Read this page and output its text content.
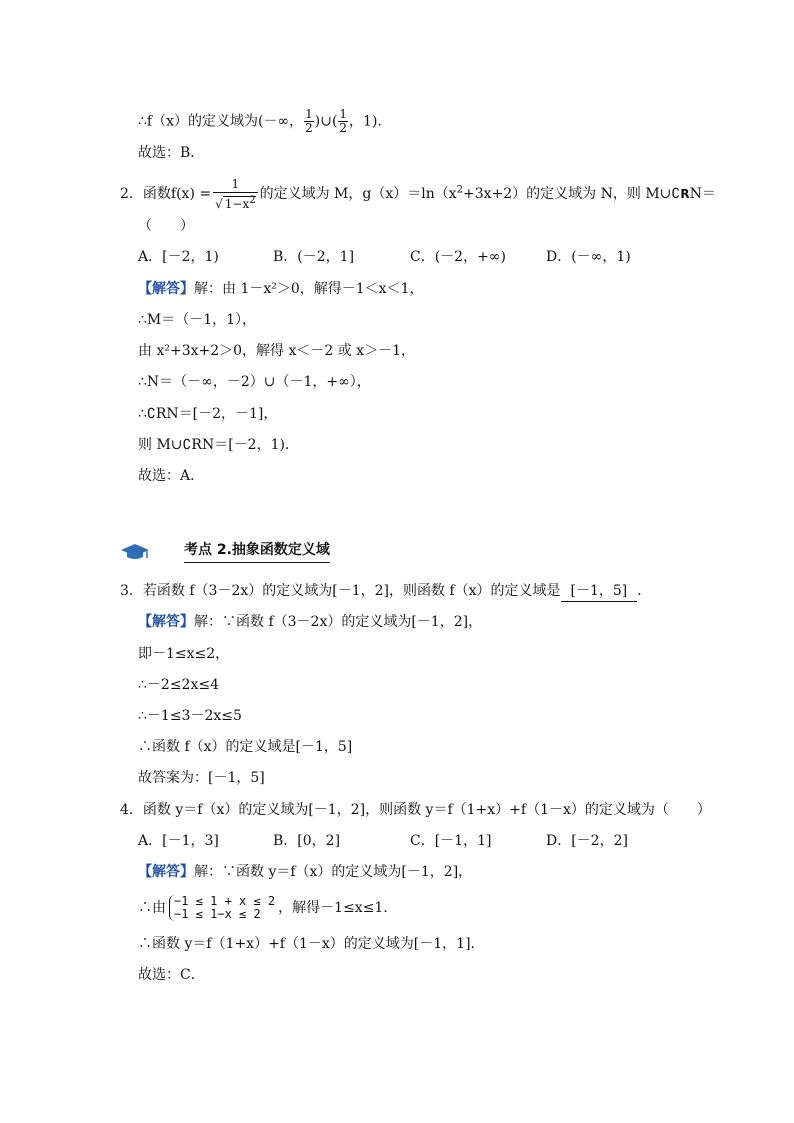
∴f（x）的定义域为(－∞， $\frac{1}{2}$ )∪( $\frac{1}{2}$ ，1).
故选：B．
2．函数$f(x) = \frac{1}{√ 1-x^2}$ 的定义域为 M，$g(x)=\ln(x^2+3x+2)$的定义域为 N，则 M∪∁RN＝
（　　）
A．[－2，1)	B．(－2，1]	C．(－2，+∞)	D．(－∞，1)
【解答】解：由 1－x²＞0，解得－1＜x＜1，
∴M＝（－1，1），
由 x²+3x+2＞0，解得 x＜－2 或 x＞－1，
∴N＝（－∞，－2）∪（－1，+∞），
∴∁RN＝[－2，－1]，
则 M∪∁RN＝[－2，1)．
故选：A．
考点 2.抽象函数定义域
3．若函数 f（3－2x）的定义域为[－1，2]，则函数 f（x）的定义域是 [－1，5] ．
【解答】解：∵函数 f（3－2x）的定义域为[－1，2]，
即－1≤x≤2，
∴－2≤2x≤4
∴－1≤3－2x≤5
∴函数 f（x）的定义域是[－1，5]
故答案为：[－1，5]
4．函数 y＝f（x）的定义域为[－1，2]，则函数 y＝f（1+x）+f（1－x）的定义域为（　　）
A．[－1，3]	B．[0，2]	C．[－1，1]	D．[－2，2]
【解答】解：∵函数 y＝f（x）的定义域为[－1，2]，
∴由 −1 ≤ 1 + x ≤ 2
−1 ≤ 1−x ≤ 2	，解得－1≤x≤1．
∴函数 y＝f（1+x）+f（1－x）的定义域为[－1，1]．
故选：C．
